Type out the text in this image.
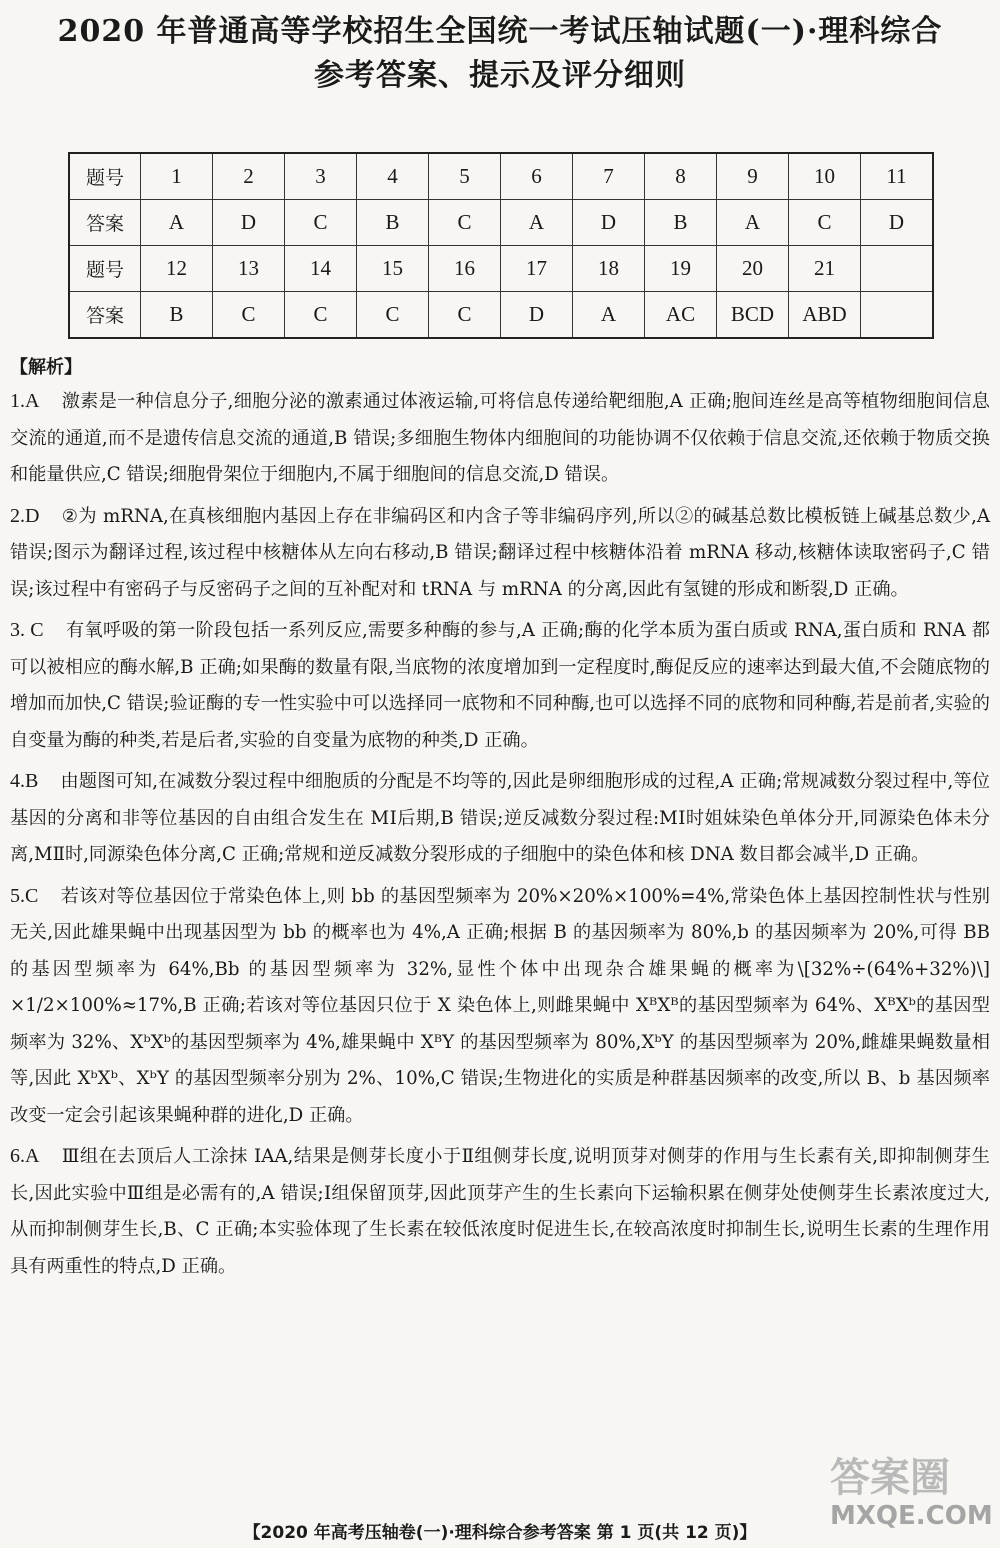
2020 年普通高等学校招生全国统一考试压轴试题(一)·理科综合
参考答案、提示及评分细则
题号	1	2	3	4	5	6	7	8	9	10	11
答案	A	D	C	B	C	A	D	B	A	C	D
题号	12	13	14	15	16	17	18	19	20	21	
答案	B	C	C	C	C	D	A	AC	BCD	ABD	
【解析】

1.A 激素是一种信息分子,细胞分泌的激素通过体液运输,可将信息传递给靶细胞,A 正确;胞间连丝是高等植物细胞间信息交流的通道,而不是遗传信息交流的通道,B 错误;多细胞生物体内细胞间的功能协调不仅依赖于信息交流,还依赖于物质交换和能量供应,C 错误;细胞骨架位于细胞内,不属于细胞间的信息交流,D 错误。

2.D ②为 mRNA,在真核细胞内基因上存在非编码区和内含子等非编码序列,所以②的碱基总数比模板链上碱基总数少,A 错误;图示为翻译过程,该过程中核糖体从左向右移动,B 错误;翻译过程中核糖体沿着 mRNA 移动,核糖体读取密码子,C 错误;该过程中有密码子与反密码子之间的互补配对和 tRNA 与 mRNA 的分离,因此有氢键的形成和断裂,D 正确。

3. C 有氧呼吸的第一阶段包括一系列反应,需要多种酶的参与,A 正确;酶的化学本质为蛋白质或 RNA,蛋白质和 RNA 都可以被相应的酶水解,B 正确;如果酶的数量有限,当底物的浓度增加到一定程度时,酶促反应的速率达到最大值,不会随底物的增加而加快,C 错误;验证酶的专一性实验中可以选择同一底物和不同种酶,也可以选择不同的底物和同种酶,若是前者,实验的自变量为酶的种类,若是后者,实验的自变量为底物的种类,D 正确。

4.B 由题图可知,在减数分裂过程中细胞质的分配是不均等的,因此是卵细胞形成的过程,A 正确;常规减数分裂过程中,等位基因的分离和非等位基因的自由组合发生在 MⅠ后期,B 错误;逆反减数分裂过程:MⅠ时姐妹染色单体分开,同源染色体未分离,MⅡ时,同源染色体分离,C 正确;常规和逆反减数分裂形成的子细胞中的染色体和核 DNA 数目都会减半,D 正确。

5.C 若该对等位基因位于常染色体上,则 bb 的基因型频率为 20%×20%×100%=4%,常染色体上基因控制性状与性别无关,因此雄果蝇中出现基因型为 bb 的概率也为 4%,A 正确;根据 B 的基因频率为 80%,b 的基因频率为 20%,可得 BB 的基因型频率为 64%,Bb 的基因型频率为 32%,显性个体中出现杂合雄果蝇的概率为\[32%÷(64%+32%)\] ×1/2×100%≈17%,B 正确;若该对等位基因只位于 X 染色体上,则雌果蝇中 XᴮXᴮ的基因型频率为 64%、XᴮXᵇ的基因型频率为 32%、XᵇXᵇ的基因型频率为 4%,雄果蝇中 XᴮY 的基因型频率为 80%,XᵇY 的基因型频率为 20%,雌雄果蝇数量相等,因此 XᵇXᵇ、XᵇY 的基因型频率分别为 2%、10%,C 错误;生物进化的实质是种群基因频率的改变,所以 B、b 基因频率改变一定会引起该果蝇种群的进化,D 正确。

6.A Ⅲ组在去顶后人工涂抹 IAA,结果是侧芽长度小于Ⅱ组侧芽长度,说明顶芽对侧芽的作用与生长素有关,即抑制侧芽生长,因此实验中Ⅲ组是必需有的,A 错误;Ⅰ组保留顶芽,因此顶芽产生的生长素向下运输积累在侧芽处使侧芽生长素浓度过大,从而抑制侧芽生长,B、C 正确;本实验体现了生长素在较低浓度时促进生长,在较高浓度时抑制生长,说明生长素的生理作用具有两重性的特点,D 正确。

【2020 年高考压轴卷(一)·理科综合参考答案 第 1 页(共 12 页)】
答案圈
MXQE.COM
